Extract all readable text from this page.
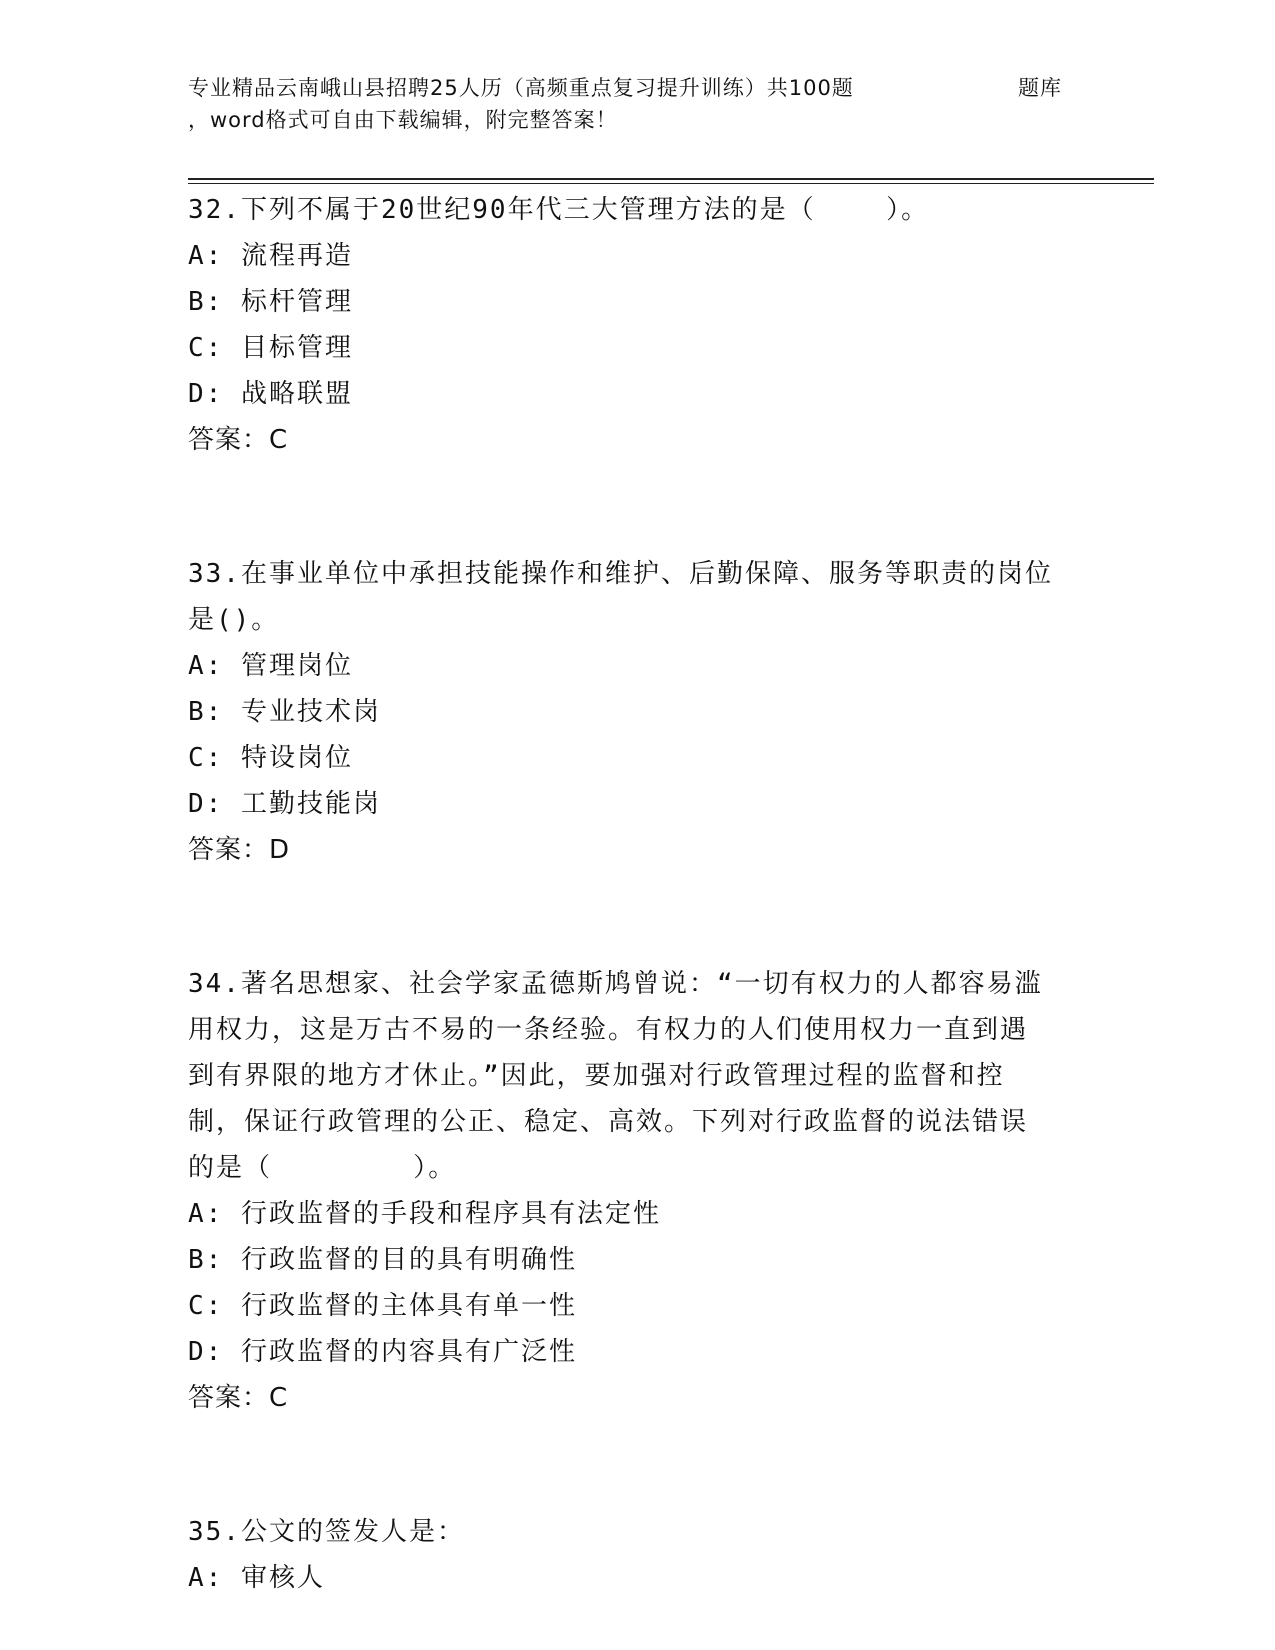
专业精品云南峨山县招聘25人历（高频重点复习提升训练）共100题	题库
，word格式可自由下载编辑，附完整答案！
32.下列不属于20世纪90年代三大管理方法的是（    ）。
A: 流程再造
B: 标杆管理
C: 目标管理
D: 战略联盟
答案：C
33.在事业单位中承担技能操作和维护、后勤保障、服务等职责的岗位
是()。
A: 管理岗位
B: 专业技术岗
C: 特设岗位
D: 工勤技能岗
答案：D
34.著名思想家、社会学家孟德斯鸠曾说：“一切有权力的人都容易滥
用权力，这是万古不易的一条经验。有权力的人们使用权力一直到遇
到有界限的地方才休止。”因此，要加强对行政管理过程的监督和控
制，保证行政管理的公正、稳定、高效。下列对行政监督的说法错误
的是（        ）。
A: 行政监督的手段和程序具有法定性
B: 行政监督的目的具有明确性
C: 行政监督的主体具有单一性
D: 行政监督的内容具有广泛性
答案：C
35.公文的签发人是：
A: 审核人
